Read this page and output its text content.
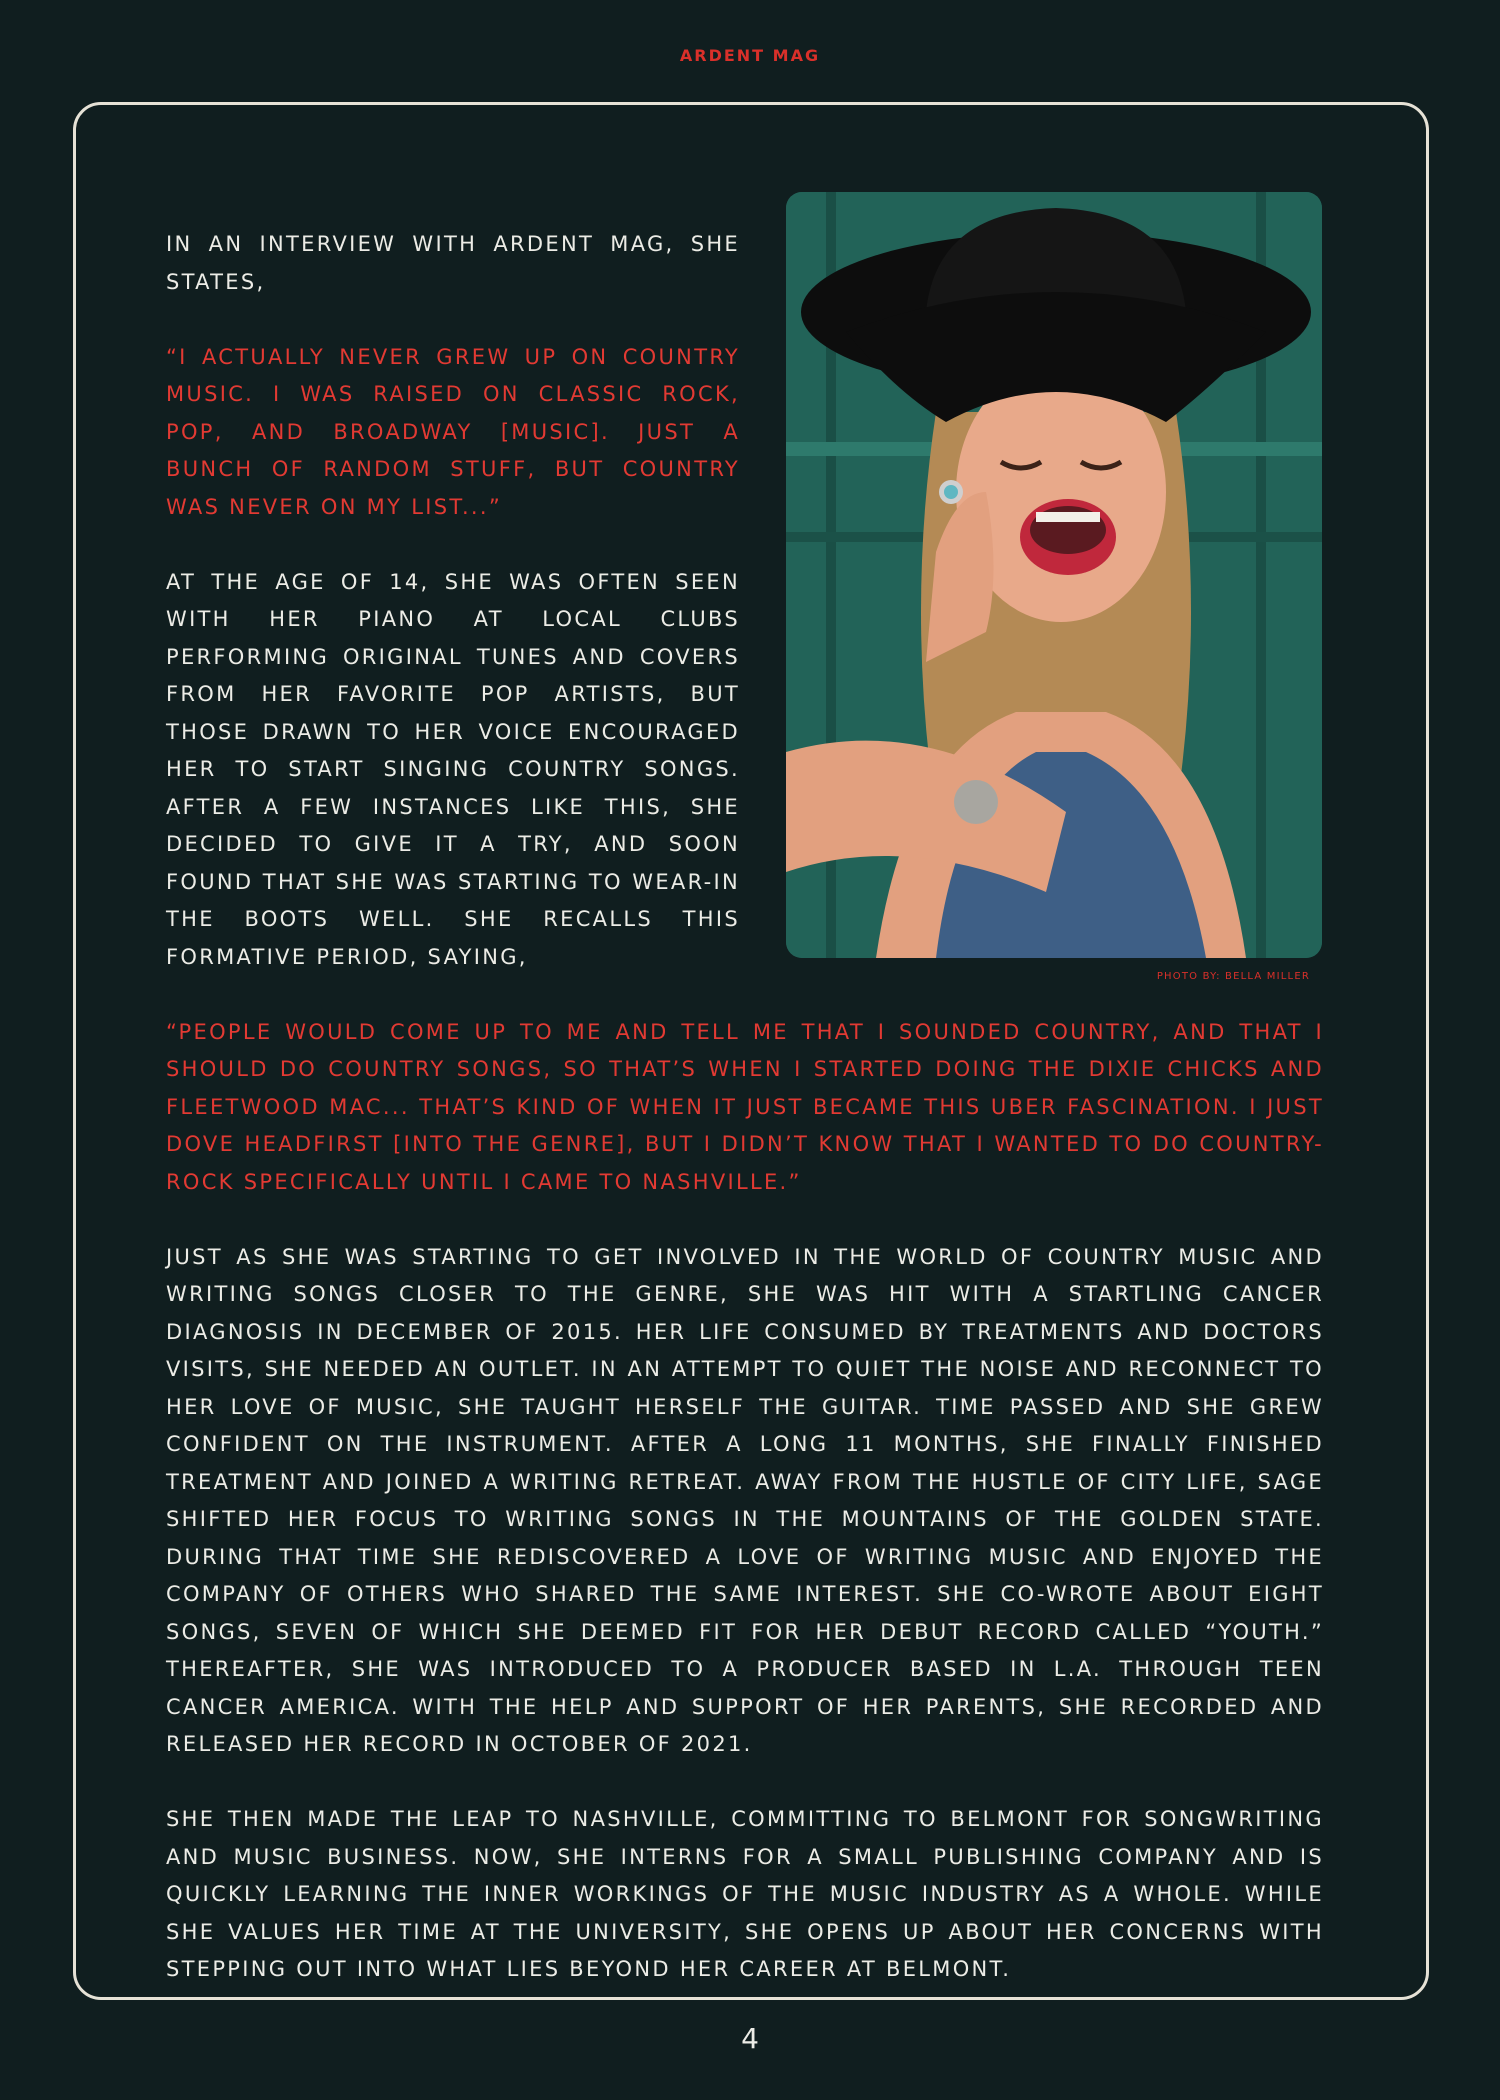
ARDENT MAG
PHOTO BY: BELLA MILLER

IN AN INTERVIEW WITH ARDENT MAG, SHE STATES,

“I ACTUALLY NEVER GREW UP ON COUNTRY MUSIC. I WAS RAISED ON CLASSIC ROCK, POP, AND BROADWAY [MUSIC]. JUST A BUNCH OF RANDOM STUFF, BUT COUNTRY WAS NEVER ON MY LIST...”

AT THE AGE OF 14, SHE WAS OFTEN SEEN WITH HER PIANO AT LOCAL CLUBS PERFORMING ORIGINAL TUNES AND COVERS FROM HER FAVORITE POP ARTISTS, BUT THOSE DRAWN TO HER VOICE ENCOURAGED HER TO START SINGING COUNTRY SONGS. AFTER A FEW INSTANCES LIKE THIS, SHE DECIDED TO GIVE IT A TRY, AND SOON FOUND THAT SHE WAS STARTING TO WEAR-IN THE BOOTS WELL. SHE RECALLS THIS FORMATIVE PERIOD, SAYING,

“PEOPLE WOULD COME UP TO ME AND TELL ME THAT I SOUNDED COUNTRY, AND THAT I SHOULD DO COUNTRY SONGS, SO THAT’S WHEN I STARTED DOING THE DIXIE CHICKS AND FLEETWOOD MAC... THAT’S KIND OF WHEN IT JUST BECAME THIS UBER FASCINATION. I JUST DOVE HEADFIRST [INTO THE GENRE], BUT I DIDN’T KNOW THAT I WANTED TO DO COUNTRY-ROCK SPECIFICALLY UNTIL I CAME TO NASHVILLE.”

JUST AS SHE WAS STARTING TO GET INVOLVED IN THE WORLD OF COUNTRY MUSIC AND WRITING SONGS CLOSER TO THE GENRE, SHE WAS HIT WITH A STARTLING CANCER DIAGNOSIS IN DECEMBER OF 2015. HER LIFE CONSUMED BY TREATMENTS AND DOCTORS VISITS, SHE NEEDED AN OUTLET. IN AN ATTEMPT TO QUIET THE NOISE AND RECONNECT TO HER LOVE OF MUSIC, SHE TAUGHT HERSELF THE GUITAR. TIME PASSED AND SHE GREW CONFIDENT ON THE INSTRUMENT. AFTER A LONG 11 MONTHS, SHE FINALLY FINISHED TREATMENT AND JOINED A WRITING RETREAT. AWAY FROM THE HUSTLE OF CITY LIFE, SAGE SHIFTED HER FOCUS TO WRITING SONGS IN THE MOUNTAINS OF THE GOLDEN STATE. DURING THAT TIME SHE REDISCOVERED A LOVE OF WRITING MUSIC AND ENJOYED THE COMPANY OF OTHERS WHO SHARED THE SAME INTEREST. SHE CO-WROTE ABOUT EIGHT SONGS, SEVEN OF WHICH SHE DEEMED FIT FOR HER DEBUT RECORD CALLED “YOUTH.” THEREAFTER, SHE WAS INTRODUCED TO A PRODUCER BASED IN L.A. THROUGH TEEN CANCER AMERICA. WITH THE HELP AND SUPPORT OF HER PARENTS, SHE RECORDED AND RELEASED HER RECORD IN OCTOBER OF 2021.

SHE THEN MADE THE LEAP TO NASHVILLE, COMMITTING TO BELMONT FOR SONGWRITING AND MUSIC BUSINESS. NOW, SHE INTERNS FOR A SMALL PUBLISHING COMPANY AND IS QUICKLY LEARNING THE INNER WORKINGS OF THE MUSIC INDUSTRY AS A WHOLE. WHILE SHE VALUES HER TIME AT THE UNIVERSITY, SHE OPENS UP ABOUT HER CONCERNS WITH STEPPING OUT INTO WHAT LIES BEYOND HER CAREER AT BELMONT.

4
